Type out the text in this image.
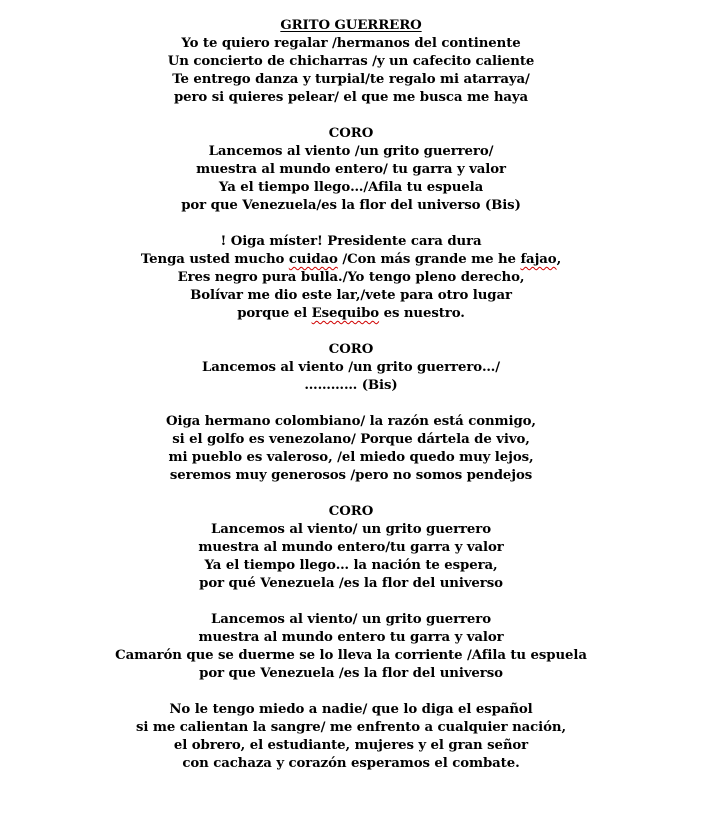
GRITO GUERRERO
Yo te quiero regalar /hermanos del continente
Un concierto de chicharras /y un cafecito caliente
Te entrego danza y turpial/te regalo mi atarraya/
pero si quieres pelear/ el que me busca me haya
CORO
Lancemos al viento /un grito guerrero/
muestra al mundo entero/ tu garra y valor
Ya el tiempo llego…/Afila tu espuela
por que Venezuela/es la flor del universo (Bis)
! Oiga míster! Presidente cara dura
Tenga usted mucho cuidao /Con más grande me he fajao,
Eres negro pura bulla./Yo tengo pleno derecho,
Bolívar me dio este lar,/vete para otro lugar
porque el Esequibo es nuestro.
CORO
Lancemos al viento /un grito guerrero…/
………… (Bis)
Oiga hermano colombiano/ la razón está conmigo,
si el golfo es venezolano/ Porque dártela de vivo,
mi pueblo es valeroso, /el miedo quedo muy lejos,
seremos muy generosos /pero no somos pendejos
CORO
Lancemos al viento/ un grito guerrero
muestra al mundo entero/tu garra y valor
Ya el tiempo llego… la nación te espera,
por qué Venezuela /es la flor del universo
Lancemos al viento/ un grito guerrero
muestra al mundo entero tu garra y valor
Camarón que se duerme se lo lleva la corriente /Afila tu espuela
por que Venezuela /es la flor del universo
No le tengo miedo a nadie/ que lo diga el español
si me calientan la sangre/ me enfrento a cualquier nación,
el obrero, el estudiante, mujeres y el gran señor
con cachaza y corazón esperamos el combate.
